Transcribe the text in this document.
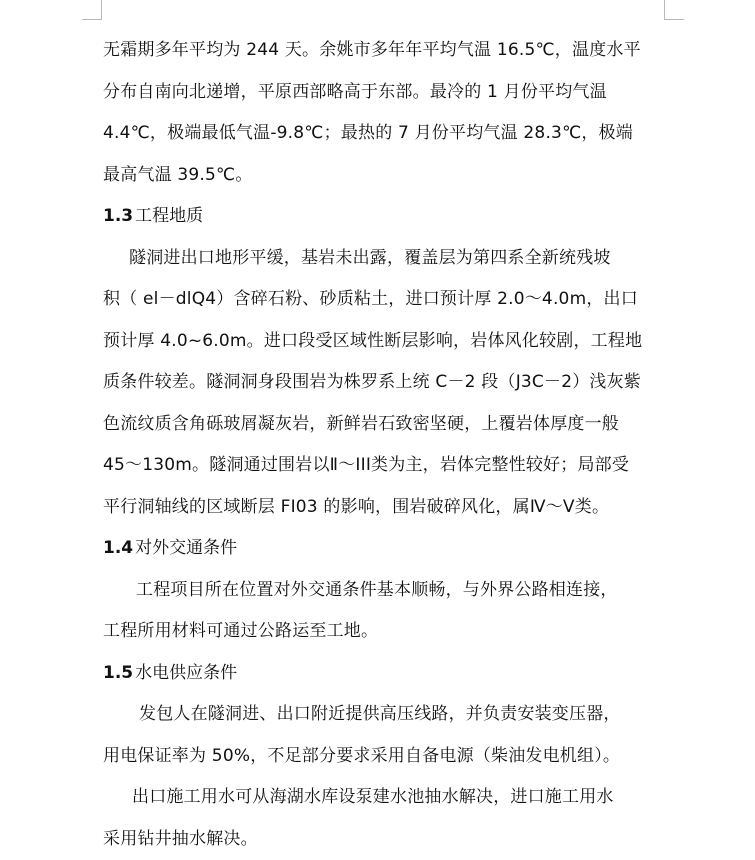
无霜期多年平均为 244 天。余姚市多年年平均气温 16.5℃，温度水平
分布自南向北递增，平原西部略高于东部。最冷的 1 月份平均气温
4.4℃，极端最低气温-9.8℃；最热的 7 月份平均气温 28.3℃，极端
最高气温 39.5℃。
1.3 工程地质
隧洞进出口地形平缓，基岩未出露，覆盖层为第四系全新统残坡
积（ el－dlQ4）含碎石粉、砂质粘土，进口预计厚 2.0～4.0m，出口
预计厚 4.0~6.0m。进口段受区域性断层影响，岩体风化较剧，工程地
质条件较差。隧洞洞身段围岩为株罗系上统 C－2 段（J3C－2）浅灰紫
色流纹质含角砾玻屑凝灰岩，新鲜岩石致密坚硬，上覆岩体厚度一般
45～130m。隧洞通过围岩以Ⅱ～III类为主，岩体完整性较好；局部受
平行洞轴线的区域断层 FI03 的影响，围岩破碎风化，属Ⅳ～Ⅴ类。
1.4 对外交通条件
工程项目所在位置对外交通条件基本顺畅，与外界公路相连接，
工程所用材料可通过公路运至工地。
1.5 水电供应条件
发包人在隧洞进、出口附近提供高压线路，并负责安装变压器，
用电保证率为 50%，不足部分要求采用自备电源（柴油发电机组）。
出口施工用水可从海湖水库设泵建水池抽水解决，进口施工用水
采用钻井抽水解决。
